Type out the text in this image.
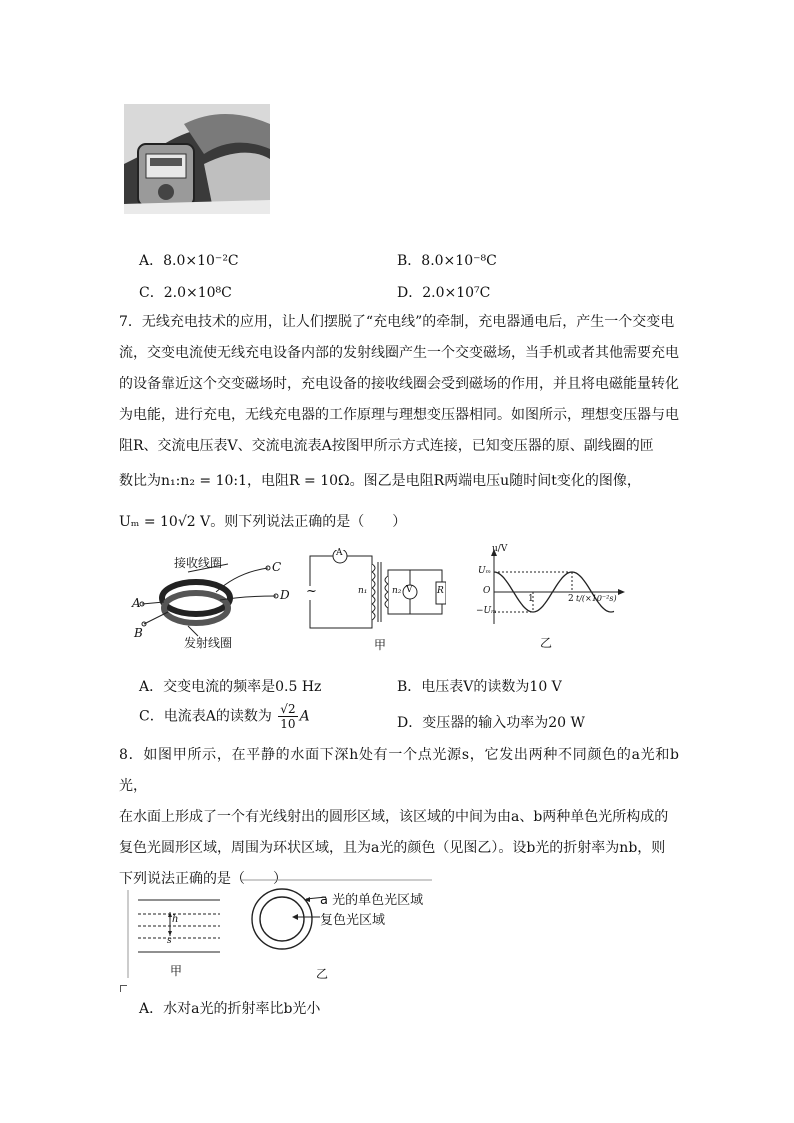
A．8.0×10⁻²C	B．8.0×10⁻⁸C
C．2.0×10⁸C	D．2.0×10⁷C
7．无线充电技术的应用，让人们摆脱了“充电线”的牵制，充电器通电后，产生一个交变电
流，交变电流使无线充电设备内部的发射线圈产生一个交变磁场，当手机或者其他需要充电
的设备靠近这个交变磁场时，充电设备的接收线圈会受到磁场的作用，并且将电磁能量转化
为电能，进行充电，无线充电器的工作原理与理想变压器相同。如图所示，理想变压器与电
阻R、交流电压表V、交流电流表A按图甲所示方式连接，已知变压器的原、副线圈的匝
数比为n₁:n₂ = 10:1，电阻R = 10Ω。图乙是电阻R两端电压u随时间t变化的图像，
Uₘ = 10√2 V。则下列说法正确的是（　　）
接收线圈
发射线圈
A
B
C
D
A
V
~	n₁	n₂	R
甲
u/V
Uₘ
O
−Uₘ
1	2 t/(×10⁻²s)
乙
A．交变电流的频率是0.5 Hz	B．电压表V的读数为10 V
C．电流表A的读数为 $\frac{√2}{10}$ A	D．变压器的输入功率为20 W
8．如图甲所示，在平静的水面下深h处有一个点光源s，它发出两种不同颜色的a光和b光，
在水面上形成了一个有光线射出的圆形区域，该区域的中间为由a、b两种单色光所构成的
复色光圆形区域，周围为环状区域，且为a光的颜色（见图乙）。设b光的折射率为nb，则
下列说法正确的是（　　）
h
s
甲
a 光的单色光区域
复色光区域
乙
A．水对a光的折射率比b光小
